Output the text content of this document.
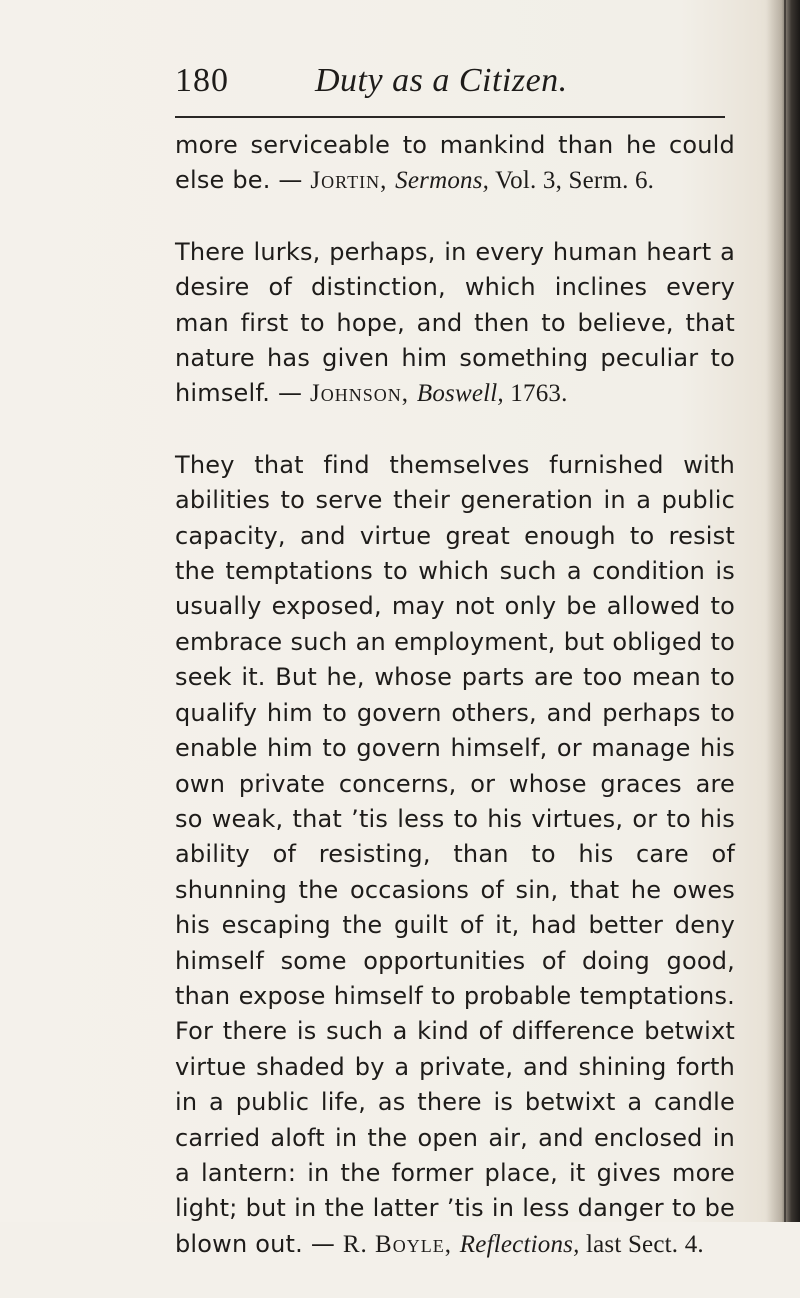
180	Duty as a Citizen.

more serviceable to mankind than he could else be. — Jortin, Sermons, Vol. 3, Serm. 6.

There lurks, perhaps, in every human heart a desire of distinction, which inclines every man first to hope, and then to believe, that nature has given him something peculiar to himself. — Johnson, Boswell, 1763.

They that find themselves furnished with abilities to serve their generation in a public capacity, and virtue great enough to resist the temptations to which such a condition is usually exposed, may not only be allowed to embrace such an employment, but obliged to seek it. But he, whose parts are too mean to qualify him to govern others, and perhaps to enable him to govern himself, or manage his own private concerns, or whose graces are so weak, that ’tis less to his virtues, or to his ability of resisting, than to his care of shunning the occasions of sin, that he owes his escaping the guilt of it, had better deny himself some opportunities of doing good, than expose himself to probable temptations. For there is such a kind of difference betwixt virtue shaded by a private, and shining forth in a public life, as there is betwixt a candle carried aloft in the open air, and enclosed in a lantern: in the former place, it gives more light; but in the latter ’tis in less danger to be blown out. — R. Boyle, Reflections, last Sect. 4.
